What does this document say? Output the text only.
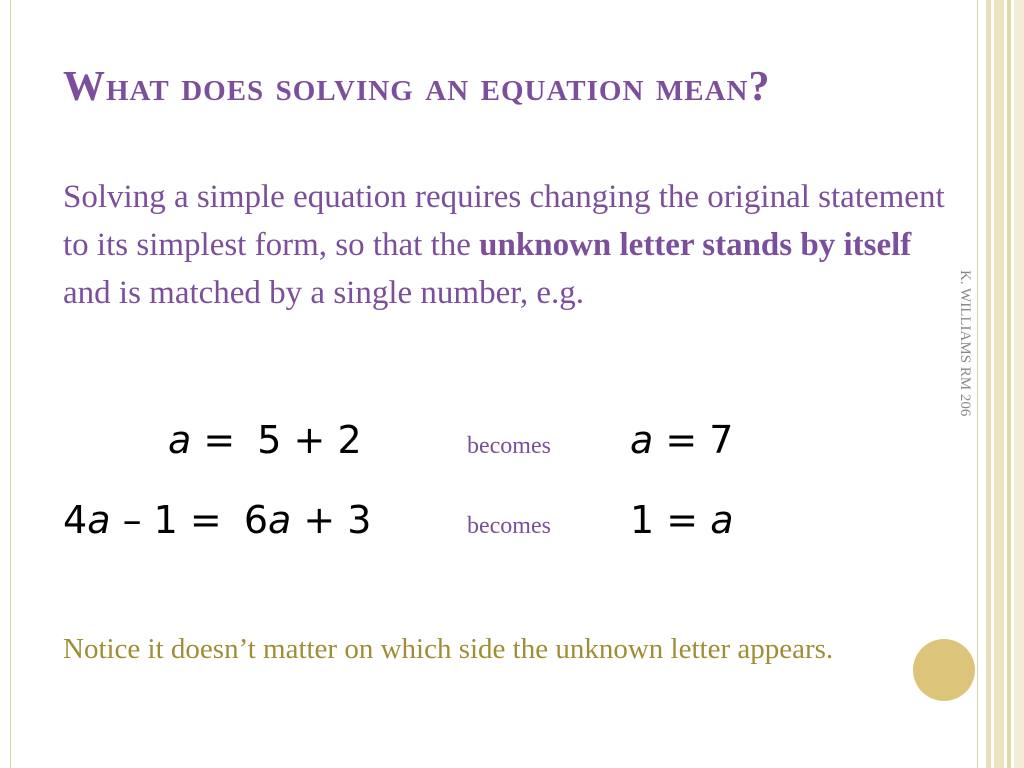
What does solving an equation mean?

Solving a simple equation requires changing the original statement to its simplest form, so that the unknown letter stands by itself and is matched by a single number, e.g.

a = 5 + 2	becomes a = 7
4a – 1 = 6a + 3	becomes 1 = a

Notice it doesn’t matter on which side the unknown letter appears.

K. WILLIAMS RM 206
